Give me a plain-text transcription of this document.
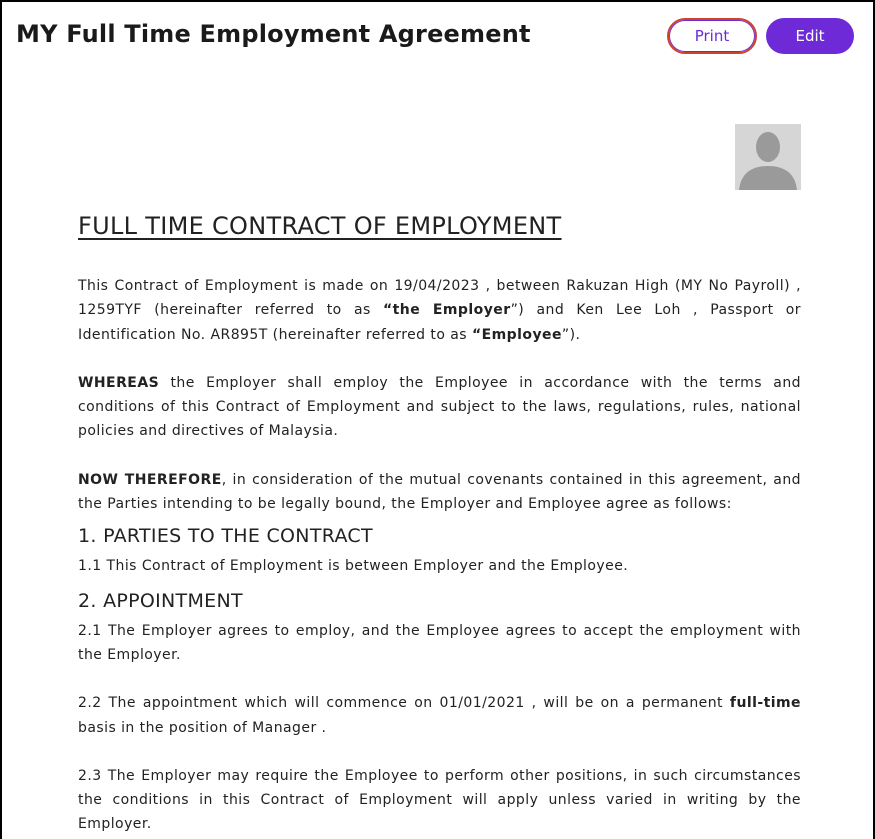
MY Full Time Employment Agreement	Print	Edit
FULL TIME CONTRACT OF EMPLOYMENT
This Contract of Employment is made on 19/04/2023 , between Rakuzan High (MY No Payroll) , 1259TYF (hereinafter referred to as “the Employer”) and Ken Lee Loh , Passport or Identification No. AR895T (hereinafter referred to as “Employee”).
WHEREAS the Employer shall employ the Employee in accordance with the terms and conditions of this Contract of Employment and subject to the laws, regulations, rules, national policies and directives of Malaysia.
NOW THEREFORE, in consideration of the mutual covenants contained in this agreement, and the Parties intending to be legally bound, the Employer and Employee agree as follows:
1. PARTIES TO THE CONTRACT
1.1 This Contract of Employment is between Employer and the Employee.
2. APPOINTMENT
2.1 The Employer agrees to employ, and the Employee agrees to accept the employment with the Employer.
2.2 The appointment which will commence on 01/01/2021 , will be on a permanent full-time basis in the position of Manager .
2.3 The Employer may require the Employee to perform other positions, in such circumstances the conditions in this Contract of Employment will apply unless varied in writing by the Employer.
